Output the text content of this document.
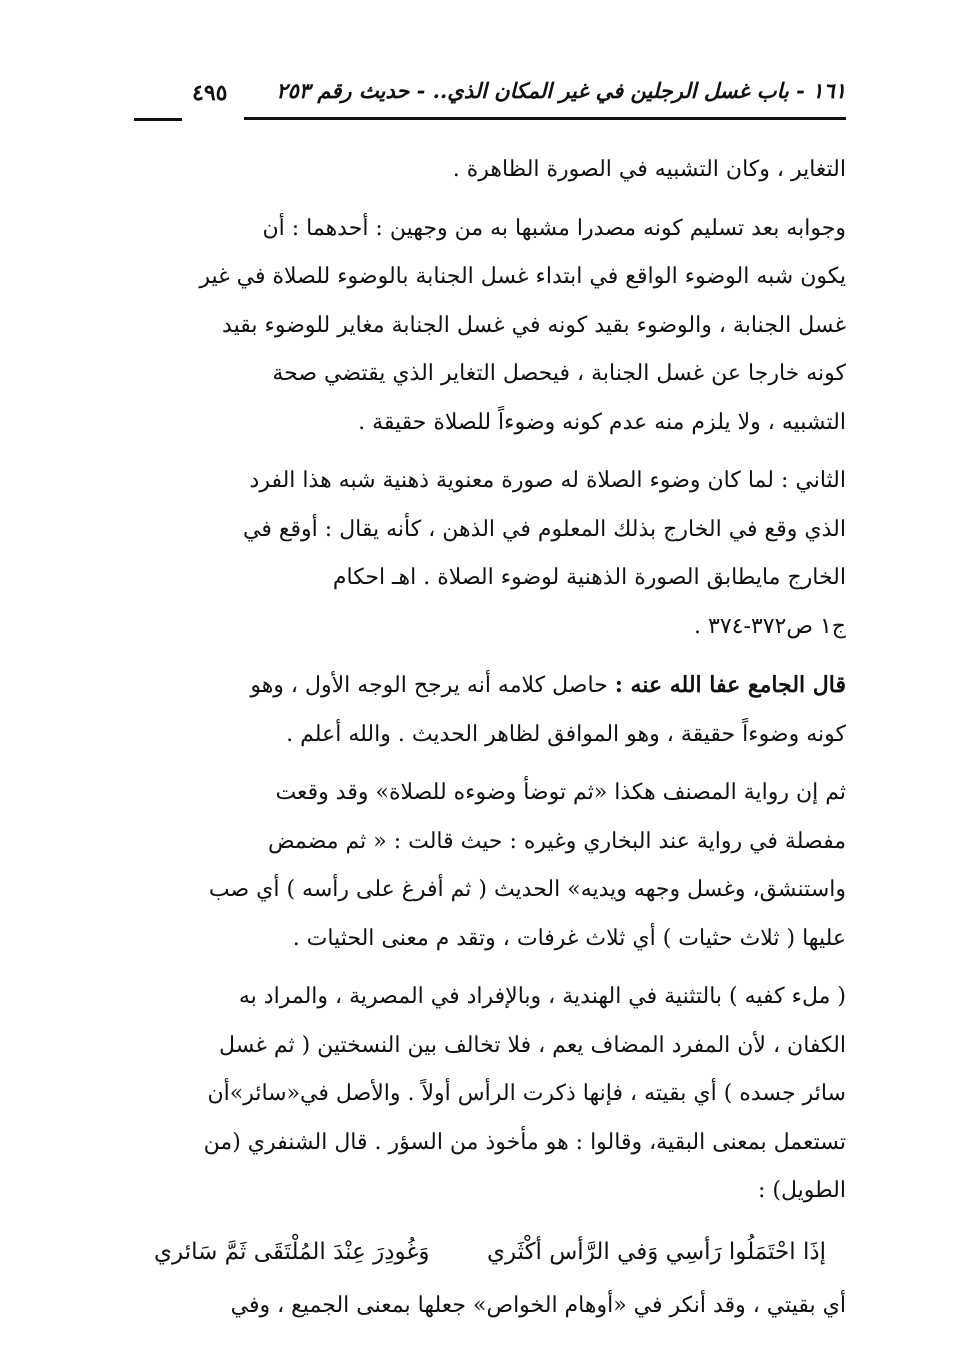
١٦١ - باب غسل الرجلين في غير المكان الذي.. - حديث رقم ٢٥٣
٤٩٥

التغاير ، وكان التشبيه في الصورة الظاهرة .

وجوابه بعد تسليم كونه مصدرا مشبها به من وجهين : أحدهما : أن
يكون شبه الوضوء الواقع في ابتداء غسل الجنابة بالوضوء للصلاة في غير
غسل الجنابة ، والوضوء بقيد كونه في غسل الجنابة مغاير للوضوء بقيد
كونه خارجا عن غسل الجنابة ، فيحصل التغاير الذي يقتضي صحة
التشبيه ، ولا يلزم منه عدم كونه وضوءاً للصلاة حقيقة .

الثاني : لما كان وضوء الصلاة له صورة معنوية ذهنية شبه هذا الفرد
الذي وقع في الخارج بذلك المعلوم في الذهن ، كأنه يقال : أوقع في
الخارج مايطابق الصورة الذهنية لوضوء الصلاة . اهـ احكام
ج١ ص٣٧٢-٣٧٤ .

قال الجامع عفا الله عنه : حاصل كلامه أنه يرجح الوجه الأول ، وهو
كونه وضوءاً حقيقة ، وهو الموافق لظاهر الحديث . والله أعلم .

ثم إن رواية المصنف هكذا «ثم توضأ وضوءه للصلاة» وقد وقعت
مفصلة في رواية عند البخاري وغيره : حيث قالت : « ثم مضمض
واستنشق، وغسل وجهه ويديه» الحديث ( ثم أفرغ على رأسه ) أي صب
عليها ( ثلاث حثيات ) أي ثلاث غرفات ، وتقد م معنى الحثيات .

( ملء كفيه ) بالتثنية في الهندية ، وبالإفراد في المصرية ، والمراد به
الكفان ، لأن المفرد المضاف يعم ، فلا تخالف بين النسختين ( ثم غسل
سائر جسده ) أي بقيته ، فإنها ذكرت الرأس أولاً . والأصل في«سائر»أن
تستعمل بمعنى البقية، وقالوا : هو مأخوذ من السؤر . قال الشنفري (من
الطويل) :

إذَا احْتَمَلُوا رَأسِي وَفي الرَّأس أكْثَري
وَغُودِرَ عِنْدَ المُلْتَقَى ثَمَّ سَائري

أي بقيتي ، وقد أنكر في «أوهام الخواص» جعلها بمعنى الجميع ، وفي
